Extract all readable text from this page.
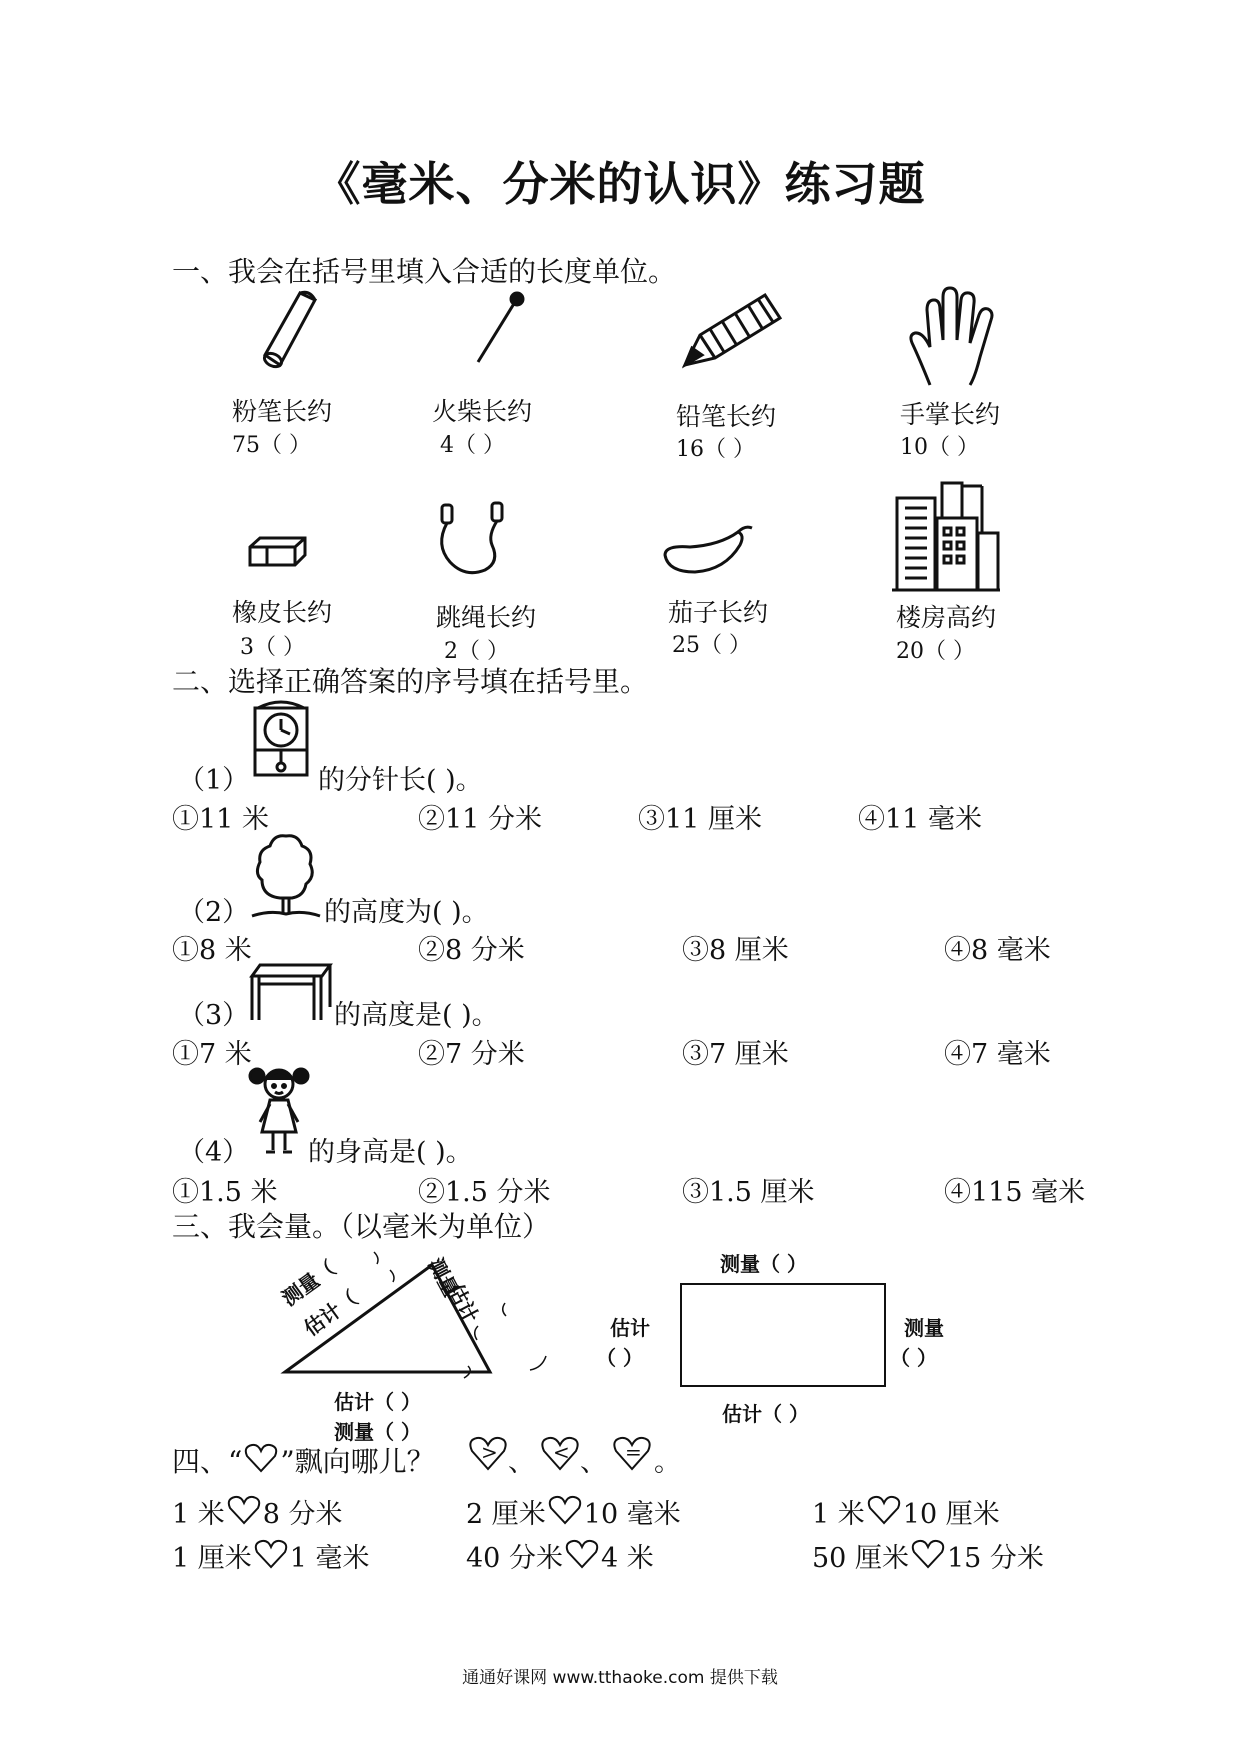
《毫米、分米的认识》练习题
一、我会在括号里填入合适的长度单位。
粉笔长约
75（ ）
火柴长约
4（ ）
铅笔长约
16（ ）
手掌长约
10（ ）
橡皮长约
3（ ）
跳绳长约
2（ ）
茄子长约
25（ ）
楼房高约
20（ ）
二、选择正确答案的序号填在括号里。
（1）	的分针长( )。
①11 米	②11 分米	③11 厘米	④11 毫米
（2）	的高度为( )。
①8 米	②8 分米	③8 厘米	④8 毫米
（3）	的高度是( )。
①7 米	②7 分米	③7 厘米	④7 毫米
（4） 的身高是( )。
①1.5 米	②1.5 分米	③1.5 厘米	④115 毫米
三、我会量。（以毫米为单位）
测量（
估计（
测量
估计
估计（ ）
测量（ ）
测量（ ）
估计
（ ）
测量
（ ）
估计（ ）
四、“ ”飘向哪儿？ > 、 < 、 = 。
1 米 8 分米	2 厘米 10 毫米	1 米 10 厘米
1 厘米 1 毫米	40 分米 4 米	50 厘米 15 分米
通通好课网 www.tthaoke.com 提供下载
